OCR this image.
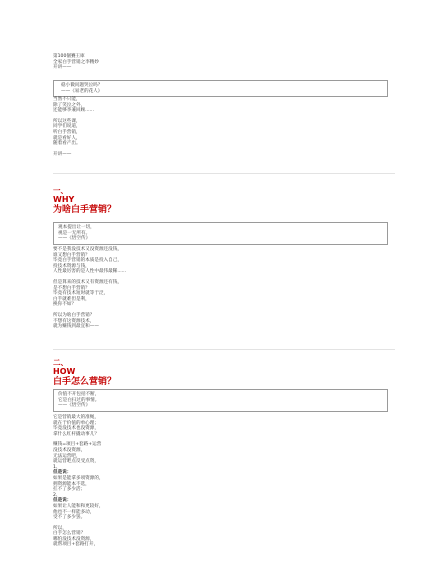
第100個賽王庫
全家白手营销之李精妙
开讲——
稳小微问题哭泣吗？
——《易老的花人》
当然不只能，
除了笑泣之外，
还能够李兼回顾......
所以这些课，
同学们说道，
听白手营销，
就是看好人，
随着看产出。
开讲——
一、
WHY
为啥白手营销？
观本提出让一切，
视是一无所有。
——《悟空传》
要不是我没技术又没资源还没钱，
谁又想白手营销？
毕竟白手营销的本质是投入自己，
投技术资源与钱，
人性最厉害的是人性中最伟最稀......
但是算来的技术又有资源还有钱，
是不想白手营销？
毕竟有技术短时就等于泛，
白手就难但是利，
换你不如？
所以为啥白手营销？
不想有这资源技术，
就为赚钱到最宜和——
二、
HOW
白手怎么营销？
价值不开包括不断，
它是白扫过的事情。
——《悟空传》
它是营销最大的准绳，
就在于价值的单心理；
毕竟没技术也没资源，
拿什么红杆撬动事儿？
赚钱=项目+套路+运营
没技术没资源，
无法运营吧，
就运营吧点反受点资，
1、
但是说：
如果是能拿多项资源的，
拥资源能本不选，
扛不了多少活；
2、
但是说：
如果让人能和和更较好，
他也不一样能多动，
受不了多少罢。
所以，
白手怎么营销？
哪怕没技术没资源，
就帮项目+套路打开，
